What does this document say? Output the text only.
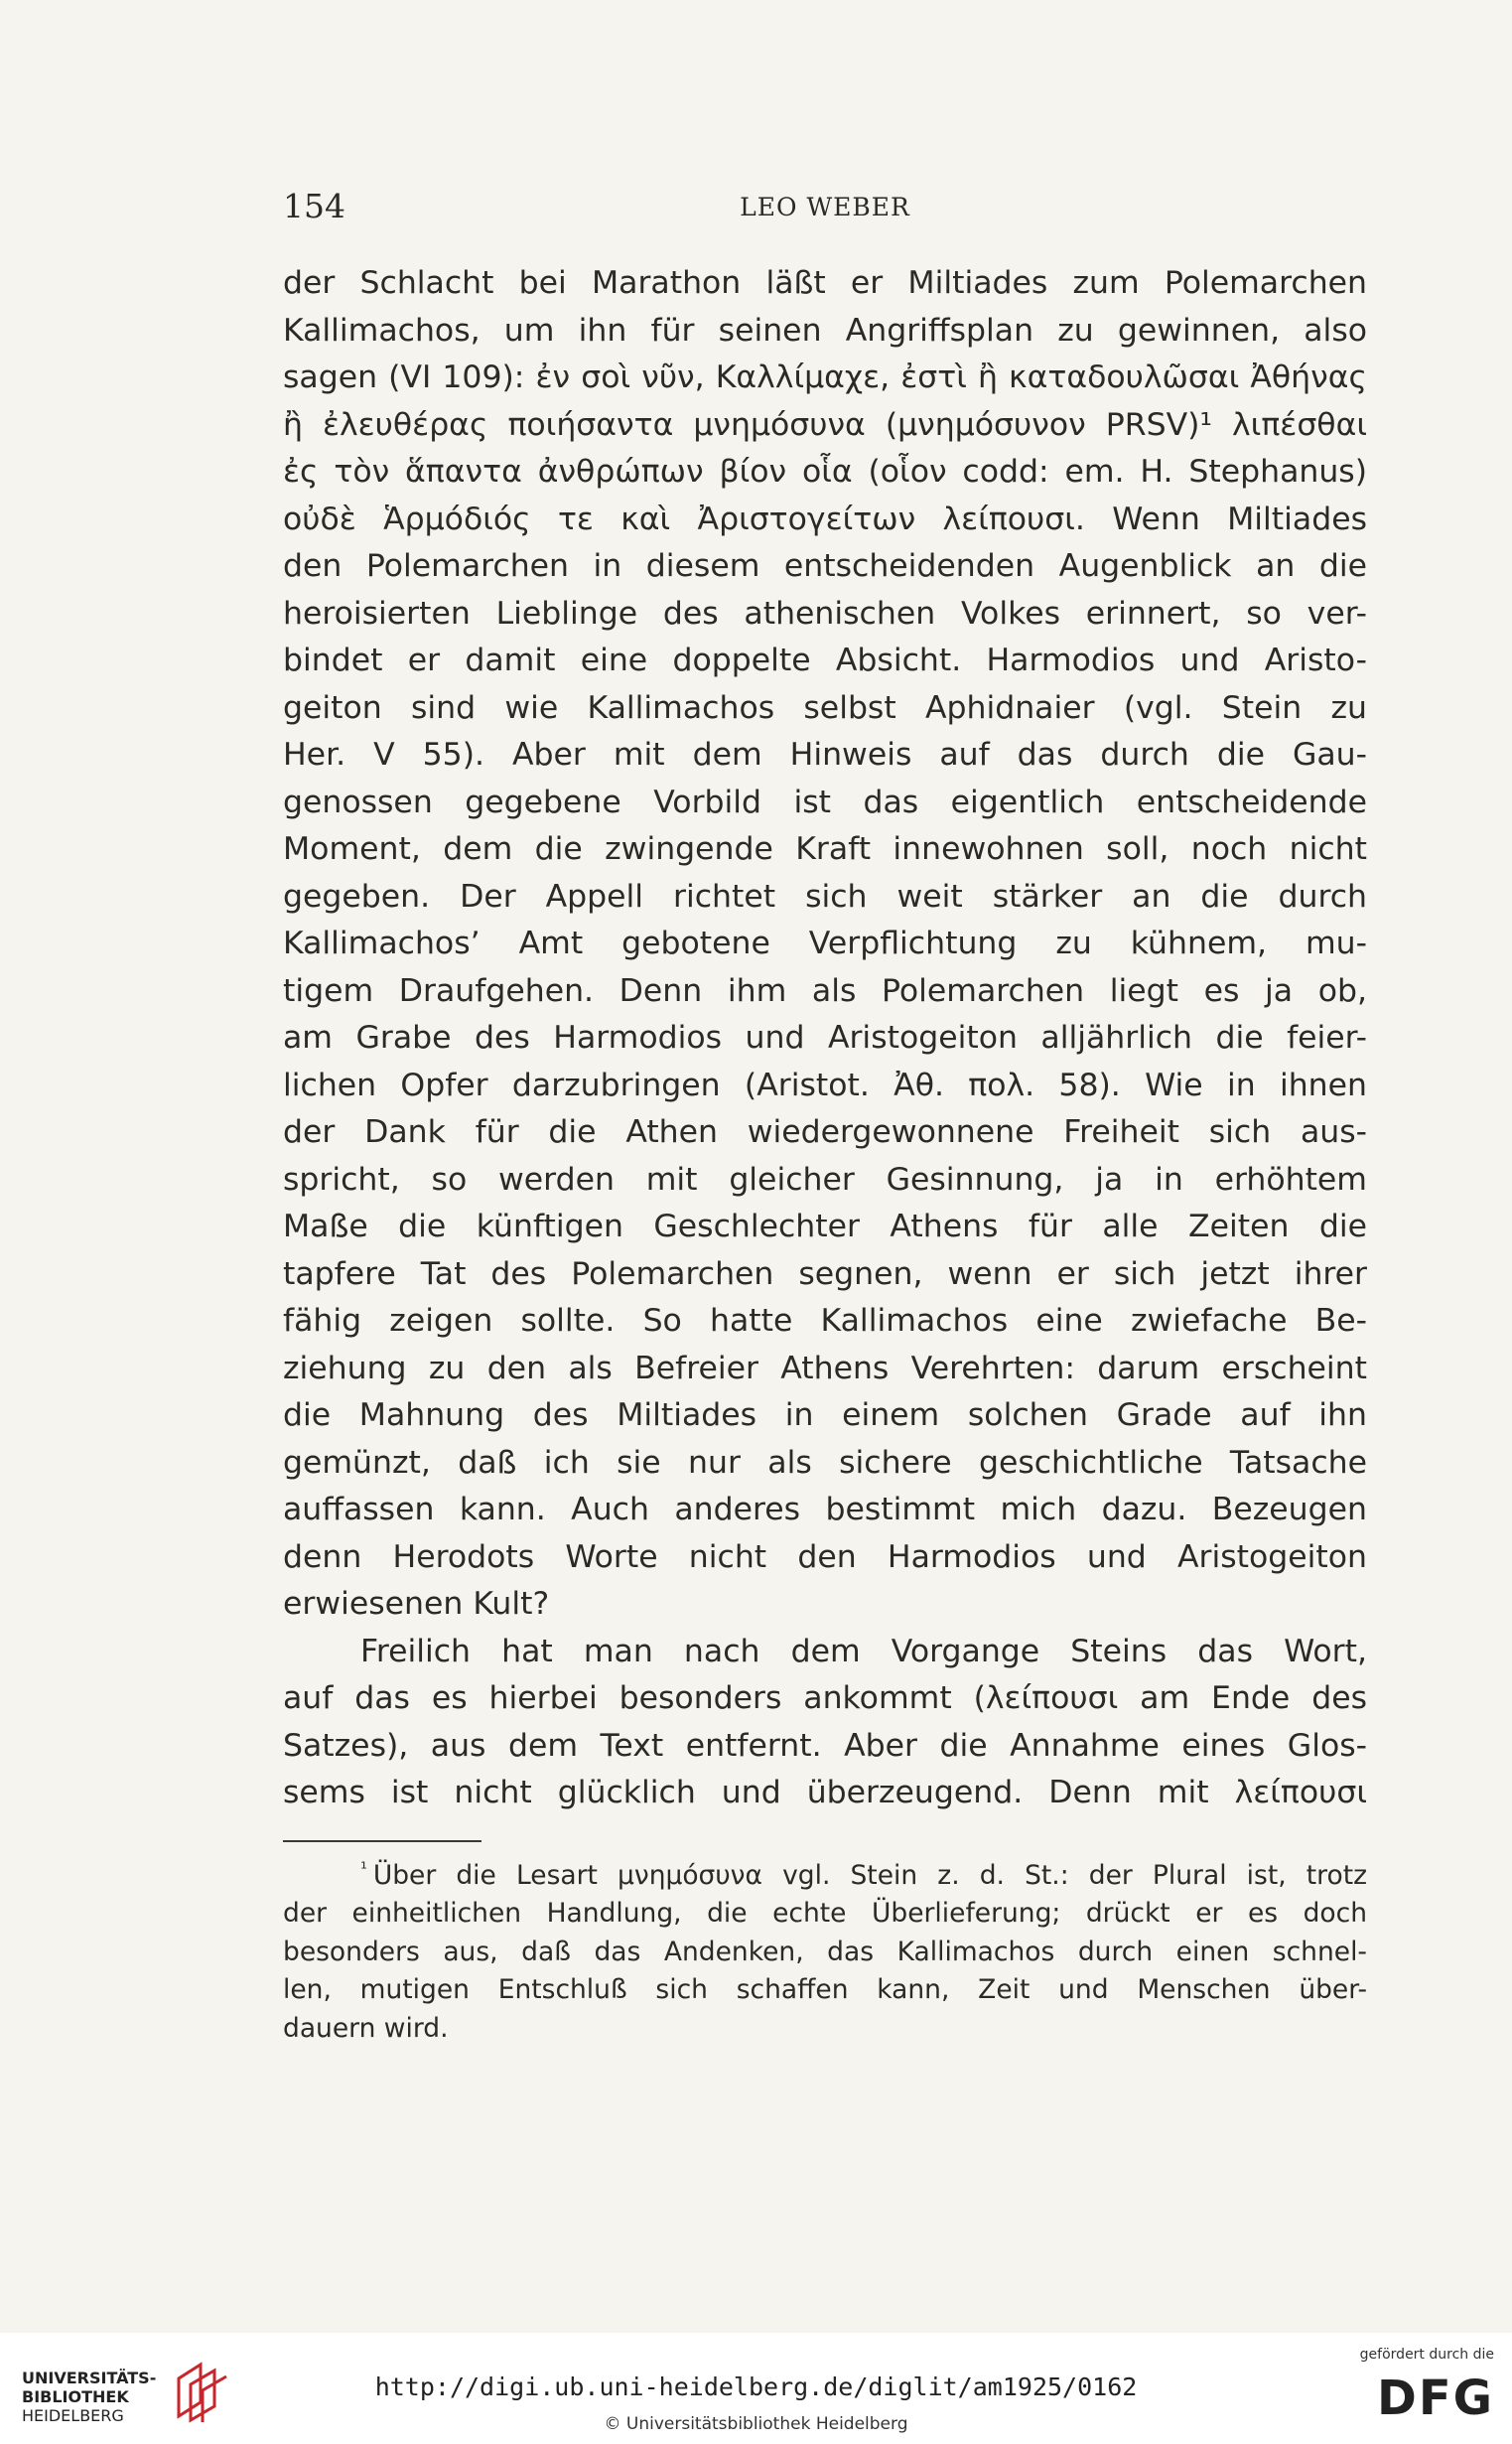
154	LEO WEBER
der Schlacht bei Marathon läßt er Miltiades zum Polemarchen
Kallimachos, um ihn für seinen Angriffsplan zu gewinnen, also
sagen (VI 109): ἐν σοὶ νῦν, Καλλίμαχε, ἐστὶ ἢ καταδουλῶσαι Ἀθήνας
ἢ ἐλευθέρας ποιήσαντα μνημόσυνα (μνημόσυνον PRSV)¹ λιπέσθαι
ἐς τὸν ἅπαντα ἀνθρώπων βίον οἷα (οἷον codd: em. H. Stephanus)
οὐδὲ Ἁρμόδιός τε καὶ Ἀριστογείτων λείπουσι. Wenn Miltiades
den Polemarchen in diesem entscheidenden Augenblick an die
heroisierten Lieblinge des athenischen Volkes erinnert, so ver-
bindet er damit eine doppelte Absicht. Harmodios und Aristo-
geiton sind wie Kallimachos selbst Aphidnaier (vgl. Stein zu
Her. V 55). Aber mit dem Hinweis auf das durch die Gau-
genossen gegebene Vorbild ist das eigentlich entscheidende
Moment, dem die zwingende Kraft innewohnen soll, noch nicht
gegeben. Der Appell richtet sich weit stärker an die durch
Kallimachos’ Amt gebotene Verpflichtung zu kühnem, mu-
tigem Draufgehen. Denn ihm als Polemarchen liegt es ja ob,
am Grabe des Harmodios und Aristogeiton alljährlich die feier-
lichen Opfer darzubringen (Aristot. Ἀθ. πολ. 58). Wie in ihnen
der Dank für die Athen wiedergewonnene Freiheit sich aus-
spricht, so werden mit gleicher Gesinnung, ja in erhöhtem
Maße die künftigen Geschlechter Athens für alle Zeiten die
tapfere Tat des Polemarchen segnen, wenn er sich jetzt ihrer
fähig zeigen sollte. So hatte Kallimachos eine zwiefache Be-
ziehung zu den als Befreier Athens Verehrten: darum erscheint
die Mahnung des Miltiades in einem solchen Grade auf ihn
gemünzt, daß ich sie nur als sichere geschichtliche Tatsache
auffassen kann. Auch anderes bestimmt mich dazu. Bezeugen
denn Herodots Worte nicht den Harmodios und Aristogeiton
erwiesenen Kult?
Freilich hat man nach dem Vorgange Steins das Wort,
auf das es hierbei besonders ankommt (λείπουσι am Ende des
Satzes), aus dem Text entfernt. Aber die Annahme eines Glos-
sems ist nicht glücklich und überzeugend. Denn mit λείπουσι
$^{^1}$ Über die Lesart μνημόσυνα vgl. Stein z. d. St.: der Plural ist, trotz
der einheitlichen Handlung, die echte Überlieferung; drückt er es doch
besonders aus, daß das Andenken, das Kallimachos durch einen schnel-
len, mutigen Entschluß sich schaffen kann, Zeit und Menschen über-
dauern wird.
UNIVERSITÄTS-
BIBLIOTHEK
HEIDELBERG
http://digi.ub.uni-heidelberg.de/diglit/am1925/0162
© Universitätsbibliothek Heidelberg
gefördert durch die
DFG
